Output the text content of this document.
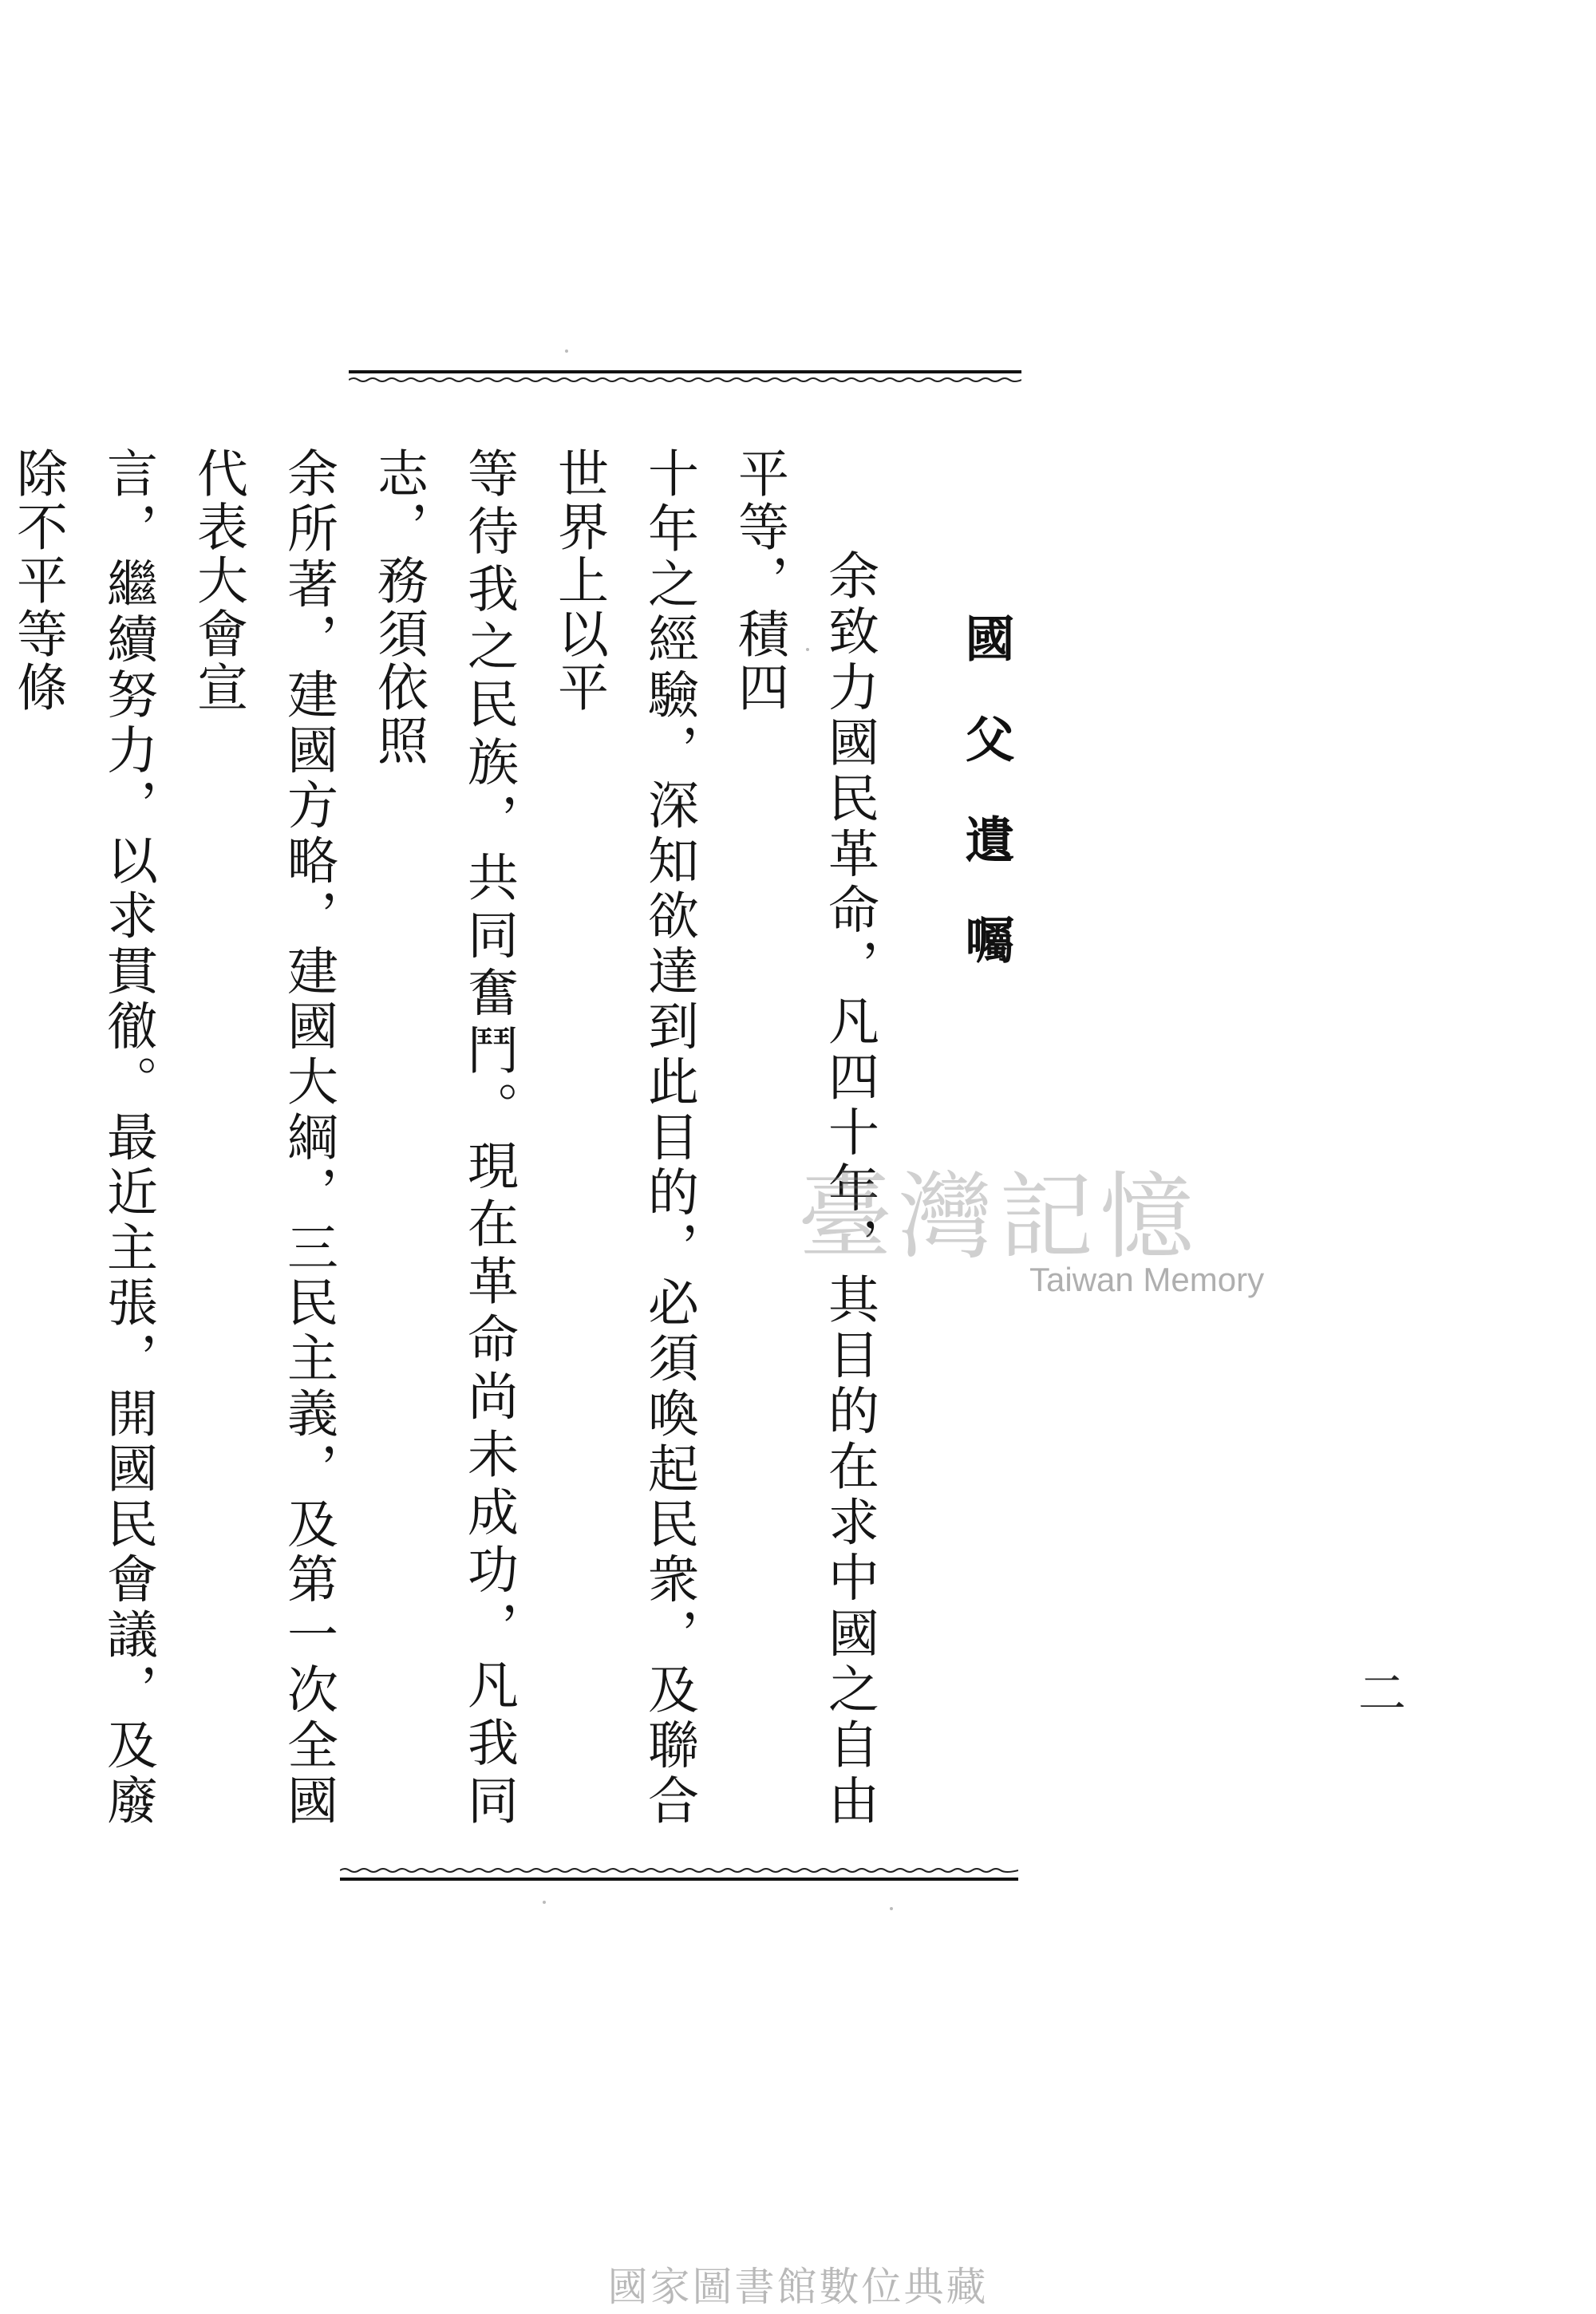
國父遺囑
余致力國民革命，凡四十年，其目的在求中國之自由平等，積四
十年之經驗，深知欲達到此目的，必須喚起民衆，及聯合世界上以平
等待我之民族，共同奮鬥。現在革命尚未成功，凡我同志，務須依照
余所著，建國方略，建國大綱，三民主義，及第一次全國代表大會宣
言，繼續努力，以求貫徹。最近主張，開國民會議，及廢除不平等條
二
臺灣記憶
Taiwan Memory
國家圖書館數位典藏
